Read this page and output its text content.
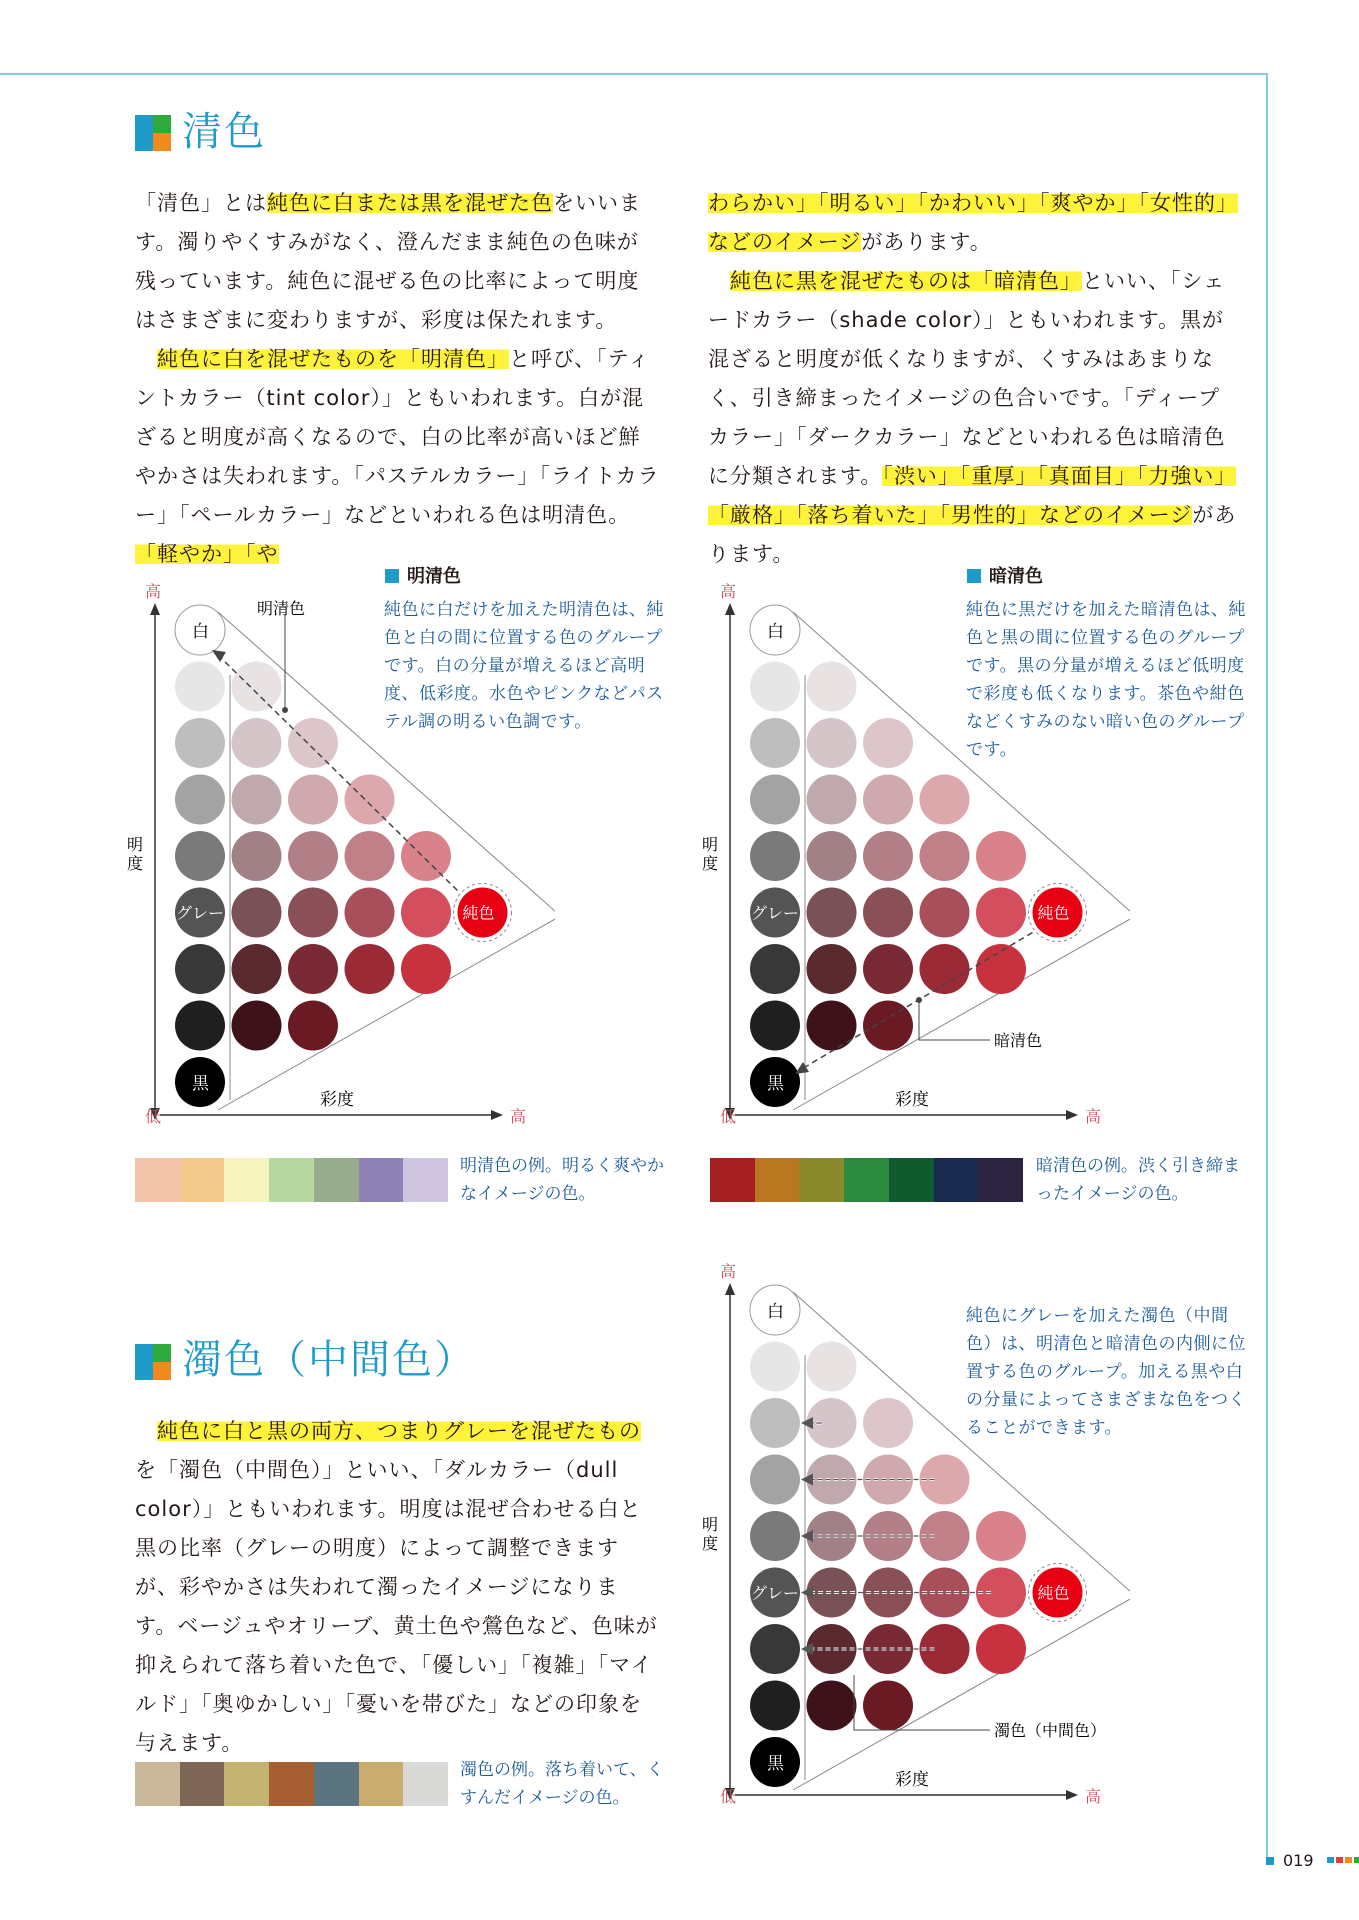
清色

「清色」とは純色に白または黒を混ぜた色をいいます。濁りやくすみがなく、澄んだまま純色の色味が残っています。純色に混ぜる色の比率によって明度はさまざまに変わりますが、彩度は保たれます。

　純色に白を混ぜたものを「明清色」と呼び、「ティントカラー（tint color）」ともいわれます。白が混ざると明度が高くなるので、白の比率が高いほど鮮やかさは失われます。「パステルカラー」「ライトカラー」「ペールカラー」などといわれる色は明清色。「軽やか」「や

わらかい」「明るい」「かわいい」「爽やか」「女性的」などのイメージがあります。

　純色に黒を混ぜたものは「暗清色」といい、「シェードカラー（shade color）」ともいわれます。黒が混ざると明度が低くなりますが、くすみはあまりなく、引き締まったイメージの色合いです。「ディープカラー」「ダークカラー」などといわれる色は暗清色に分類されます。「渋い」「重厚」「真面目」「力強い」「厳格」「落ち着いた」「男性的」などのイメージがあります。

高
低	高
明
度
彩度
白
グレー
黒
純色
明清色
明清色
純色に白だけを加えた明清色は、純色と白の間に位置する色のグループです。白の分量が増えるほど高明度、低彩度。水色やピンクなどパステル調の明るい色調です。
高
低	高
明
度
彩度
白
グレー
黒
純色
暗清色
暗清色
純色に黒だけを加えた暗清色は、純色と黒の間に位置する色のグループです。黒の分量が増えるほど低明度で彩度も低くなります。茶色や紺色などくすみのない暗い色のグループです。
明清色の例。明るく爽やかなイメージの色。
暗清色の例。渋く引き締まったイメージの色。
濁色（中間色）

　純色に白と黒の両方、つまりグレーを混ぜたものを「濁色（中間色）」といい、「ダルカラー（dull color）」ともいわれます。明度は混ぜ合わせる白と黒の比率（グレーの明度）によって調整できますが、彩やかさは失われて濁ったイメージになります。ベージュやオリーブ、黄土色や鶯色など、色味が抑えられて落ち着いた色で、「優しい」「複雑」「マイルド」「奥ゆかしい」「憂いを帯びた」などの印象を与えます。

濁色の例。落ち着いて、くすんだイメージの色。
高
低	高
明
度
彩度
白
グレー
黒
純色
濁色（中間色）
純色にグレーを加えた濁色（中間色）は、明清色と暗清色の内側に位置する色のグループ。加える黒や白の分量によってさまざまな色をつくることができます。
019
